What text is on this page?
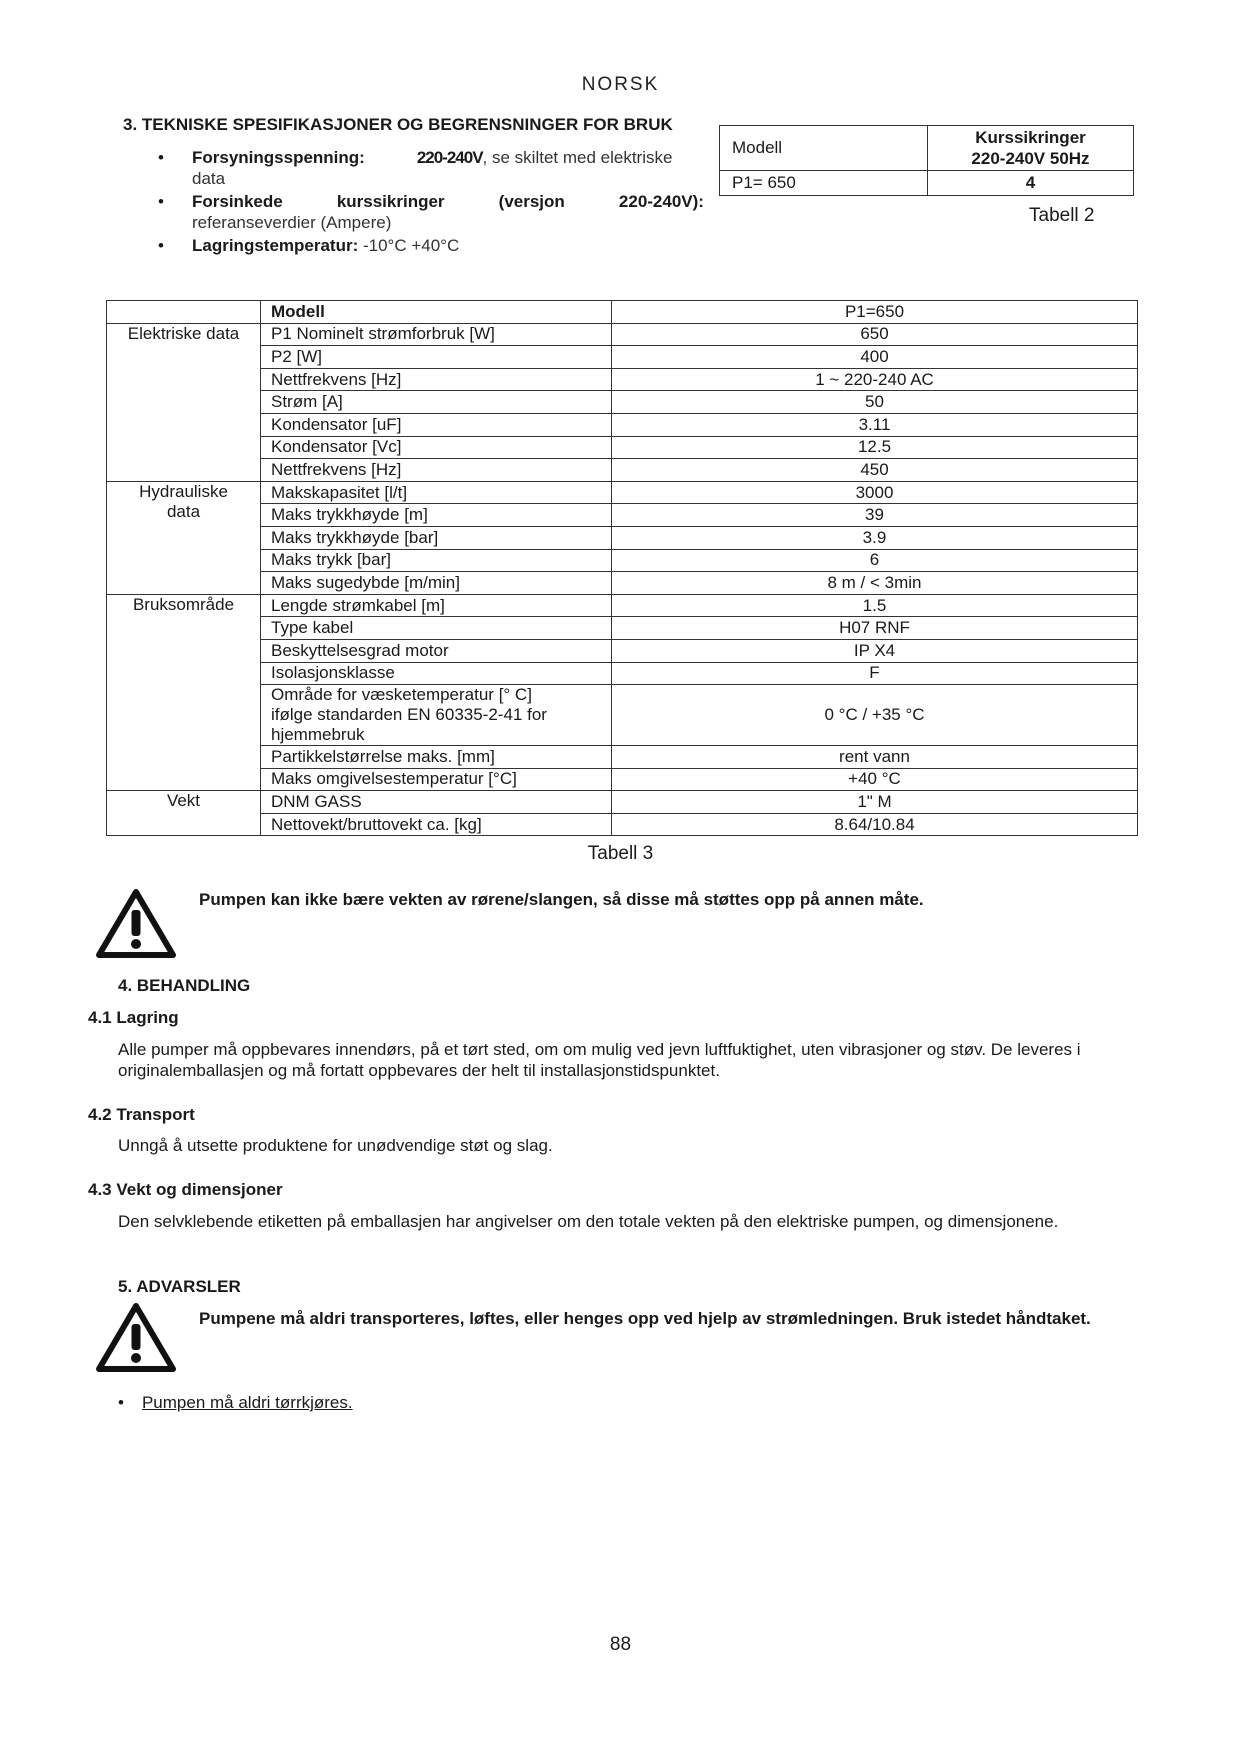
NORSK
3. TEKNISKE SPESIFIKASJONER OG BEGRENSNINGER FOR BRUK
• Forsyningsspenning:	220-240V, se skiltet med elektriske data
• Forsinkede	kurssikringer	(versjon	220-240V):
referanseverdier (Ampere)
• Lagringstemperatur: -10°C +40°C
Modell	Kurssikringer
220-240V 50Hz
P1= 650	4
Tabell 2
	Modell	P1=650
Elektriske data	P1 Nominelt strømforbruk [W]	650
	P2 [W]	400
	Nettfrekvens [Hz]	1 ~ 220-240 AC
	Strøm [A]	50
	Kondensator [uF]	3.11
	Kondensator [Vc]	12.5
	Nettfrekvens [Hz]	450
Hydrauliske
data	Makskapasitet [l/t]	3000
	Maks trykkhøyde [m]	39
	Maks trykkhøyde [bar]	3.9
	Maks trykk [bar]	6
	Maks sugedybde [m/min]	8 m / < 3min
Bruksområde	Lengde strømkabel [m]	1.5
	Type kabel	H07 RNF
	Beskyttelsesgrad motor	IP X4
	Isolasjonsklasse	F
	Område for væsketemperatur [° C]
ifølge standarden EN 60335-2-41 for
hjemmebruk	0 °C / +35 °C
	Partikkelstørrelse maks. [mm]	rent vann
	Maks omgivelsestemperatur [°C]	+40 °C
Vekt	DNM GASS	1" M
	Nettovekt/bruttovekt ca. [kg]	8.64/10.84
Tabell 3
Pumpen kan ikke bære vekten av rørene/slangen, så disse må støttes opp på annen måte.
4. BEHANDLING
4.1 Lagring
Alle pumper må oppbevares innendørs, på et tørt sted, om om mulig ved jevn luftfuktighet, uten vibrasjoner og støv. De leveres i originalemballasjen og må fortatt oppbevares der helt til installasjonstidspunktet.
4.2 Transport
Unngå å utsette produktene for unødvendige støt og slag.
4.3 Vekt og dimensjoner
Den selvklebende etiketten på emballasjen har angivelser om den totale vekten på den elektriske pumpen, og dimensjonene.
5. ADVARSLER
Pumpene må aldri transporteres, løftes, eller henges opp ved hjelp av strømledningen. Bruk istedet håndtaket.
• Pumpen må aldri tørrkjøres.
88
